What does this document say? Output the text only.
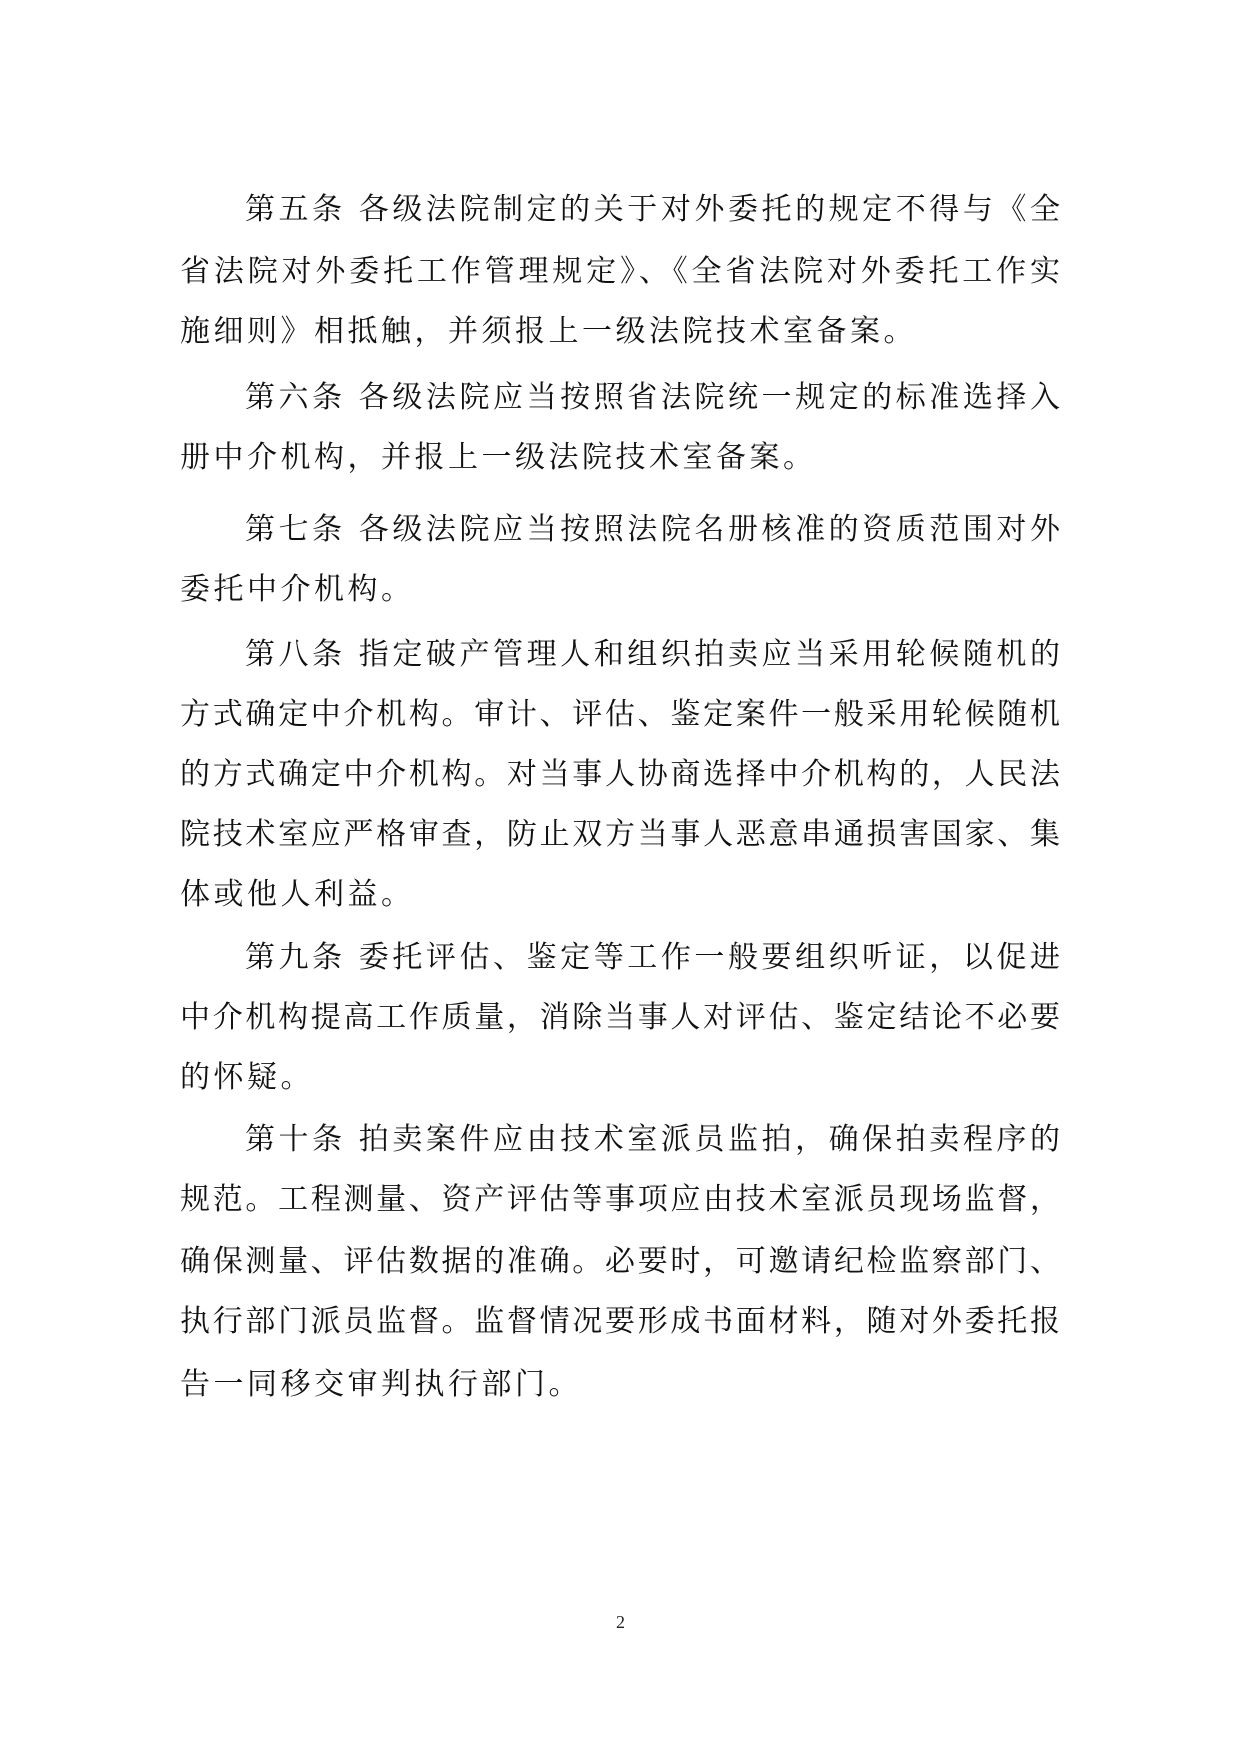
第五条 各级法院制定的关于对外委托的规定不得与《全
省法院对外委托工作管理规定》、《全省法院对外委托工作实
施细则》相抵触，并须报上一级法院技术室备案。
第六条 各级法院应当按照省法院统一规定的标准选择入
册中介机构，并报上一级法院技术室备案。
第七条 各级法院应当按照法院名册核准的资质范围对外
委托中介机构。
第八条 指定破产管理人和组织拍卖应当采用轮候随机的
方式确定中介机构。审计、评估、鉴定案件一般采用轮候随机
的方式确定中介机构。对当事人协商选择中介机构的，人民法
院技术室应严格审查，防止双方当事人恶意串通损害国家、集
体或他人利益。
第九条 委托评估、鉴定等工作一般要组织听证，以促进
中介机构提高工作质量，消除当事人对评估、鉴定结论不必要
的怀疑。
第十条 拍卖案件应由技术室派员监拍，确保拍卖程序的
规范。工程测量、资产评估等事项应由技术室派员现场监督，
确保测量、评估数据的准确。必要时，可邀请纪检监察部门、
执行部门派员监督。监督情况要形成书面材料，随对外委托报
告一同移交审判执行部门。
2
